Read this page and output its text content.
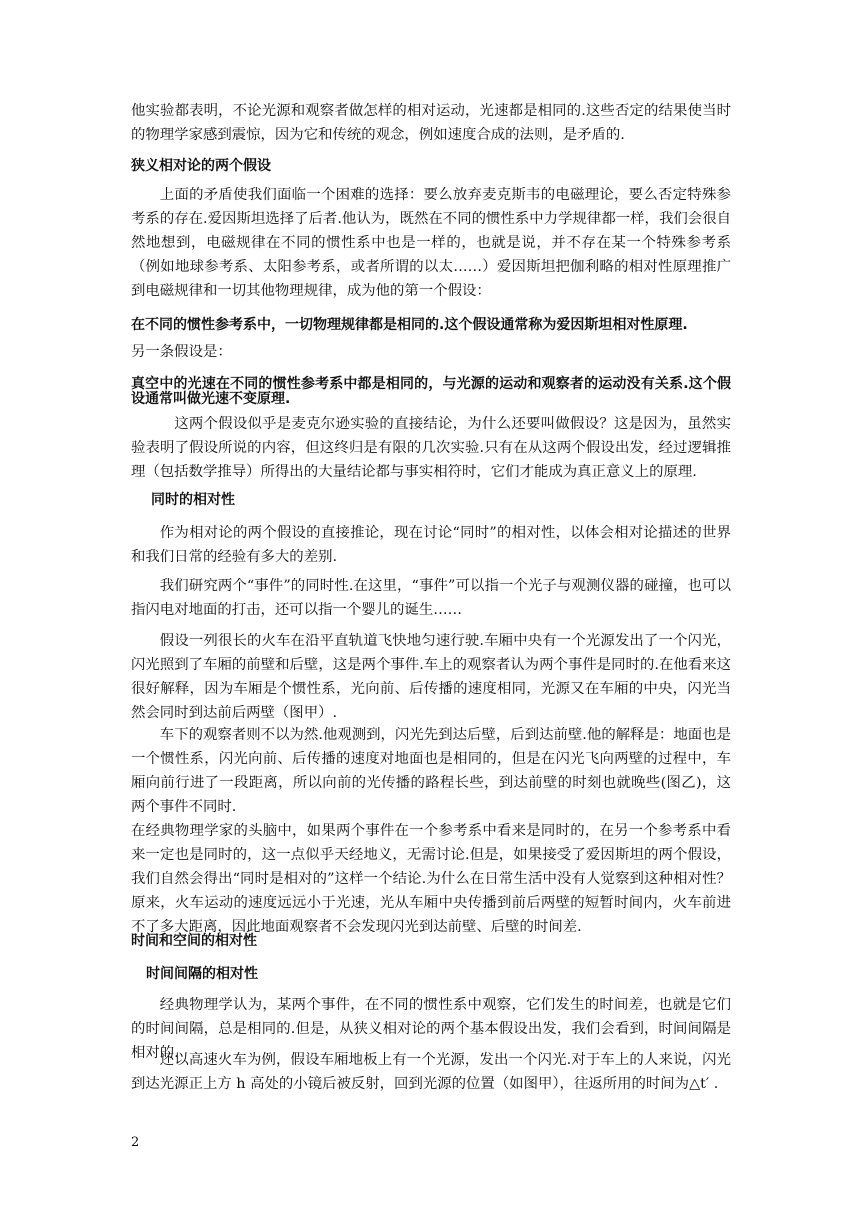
他实验都表明，不论光源和观察者做怎样的相对运动，光速都是相同的.这些否定的结果使当时的物理学家感到震惊，因为它和传统的观念，例如速度合成的法则，是矛盾的.

狭义相对论的两个假设

上面的矛盾使我们面临一个困难的选择：要么放弃麦克斯韦的电磁理论，要么否定特殊参考系的存在.爱因斯坦选择了后者.他认为，既然在不同的惯性系中力学规律都一样，我们会很自然地想到，电磁规律在不同的惯性系中也是一样的，也就是说，并不存在某一个特殊参考系（例如地球参考系、太阳参考系，或者所谓的以太……）爱因斯坦把伽利略的相对性原理推广到电磁规律和一切其他物理规律，成为他的第一个假设：

在不同的惯性参考系中，一切物理规律都是相同的.这个假设通常称为爱因斯坦相对性原理.

另一条假设是：

真空中的光速在不同的惯性参考系中都是相同的，与光源的运动和观察者的运动没有关系.这个假设通常叫做光速不变原理.

这两个假设似乎是麦克尔逊实验的直接结论，为什么还要叫做假设？这是因为，虽然实验表明了假设所说的内容，但这终归是有限的几次实验.只有在从这两个假设出发，经过逻辑推理（包括数学推导）所得出的大量结论都与事实相符时，它们才能成为真正意义上的原理.

同时的相对性

作为相对论的两个假设的直接推论，现在讨论“同时”的相对性，以体会相对论描述的世界和我们日常的经验有多大的差别.

我们研究两个“事件”的同时性.在这里，“事件”可以指一个光子与观测仪器的碰撞，也可以指闪电对地面的打击，还可以指一个婴儿的诞生……

假设一列很长的火车在沿平直轨道飞快地匀速行驶.车厢中央有一个光源发出了一个闪光，闪光照到了车厢的前壁和后壁，这是两个事件.车上的观察者认为两个事件是同时的.在他看来这很好解释，因为车厢是个惯性系，光向前、后传播的速度相同，光源又在车厢的中央，闪光当然会同时到达前后两壁（图甲）.

车下的观察者则不以为然.他观测到，闪光先到达后壁，后到达前壁.他的解释是：地面也是一个惯性系，闪光向前、后传播的速度对地面也是相同的，但是在闪光飞向两壁的过程中，车厢向前行进了一段距离，所以向前的光传播的路程长些，到达前壁的时刻也就晚些(图乙)，这两个事件不同时.

在经典物理学家的头脑中，如果两个事件在一个参考系中看来是同时的，在另一个参考系中看来一定也是同时的，这一点似乎天经地义，无需讨论.但是，如果接受了爱因斯坦的两个假设，我们自然会得出“同时是相对的”这样一个结论.为什么在日常生活中没有人觉察到这种相对性？原来，火车运动的速度远远小于光速，光从车厢中央传播到前后两壁的短暂时间内，火车前进不了多大距离，因此地面观察者不会发现闪光到达前壁、后壁的时间差.

时间和空间的相对性

时间间隔的相对性

经典物理学认为，某两个事件，在不同的惯性系中观察，它们发生的时间差，也就是它们的时间间隔，总是相同的.但是，从狭义相对论的两个基本假设出发，我们会看到，时间间隔是相对的.

还以高速火车为例，假设车厢地板上有一个光源，发出一个闪光.对于车上的人来说，闪光到达光源正上方 h 高处的小镜后被反射，回到光源的位置（如图甲），往返所用的时间为△t′ .

2
